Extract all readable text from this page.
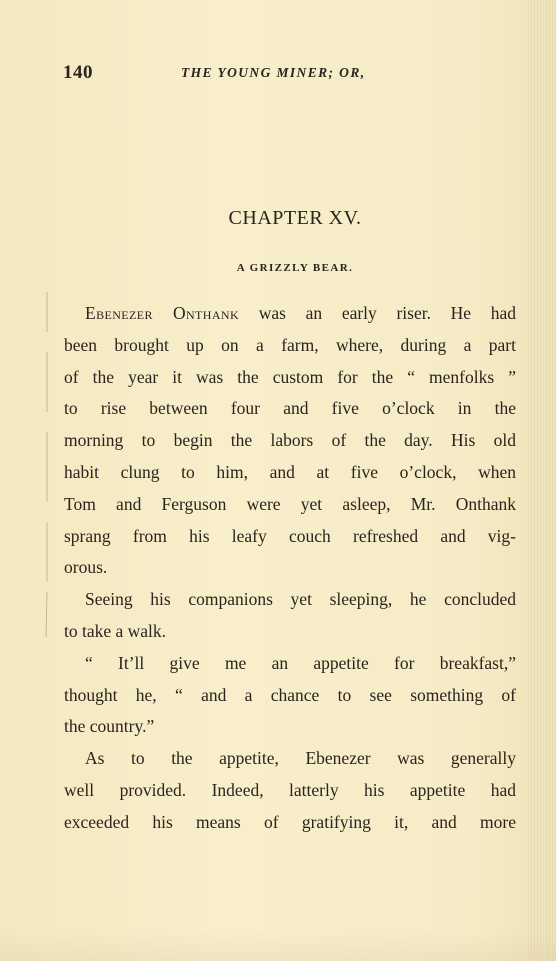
140	THE YOUNG MINER; OR,
CHAPTER XV.
A GRIZZLY BEAR.
Ebenezer Onthank was an early riser. He had
been brought up on a farm, where, during a part
of the year it was the custom for the “ menfolks ”
to rise between four and five o’clock in the
morning to begin the labors of the day. His old
habit clung to him, and at five o’clock, when
Tom and Ferguson were yet asleep, Mr. Onthank
sprang from his leafy couch refreshed and vig-
orous.
Seeing his companions yet sleeping, he concluded
to take a walk.
“ It’ll give me an appetite for breakfast,”
thought he, “ and a chance to see something of
the country.”
As to the appetite, Ebenezer was generally
well provided. Indeed, latterly his appetite had
exceeded his means of gratifying it, and more
